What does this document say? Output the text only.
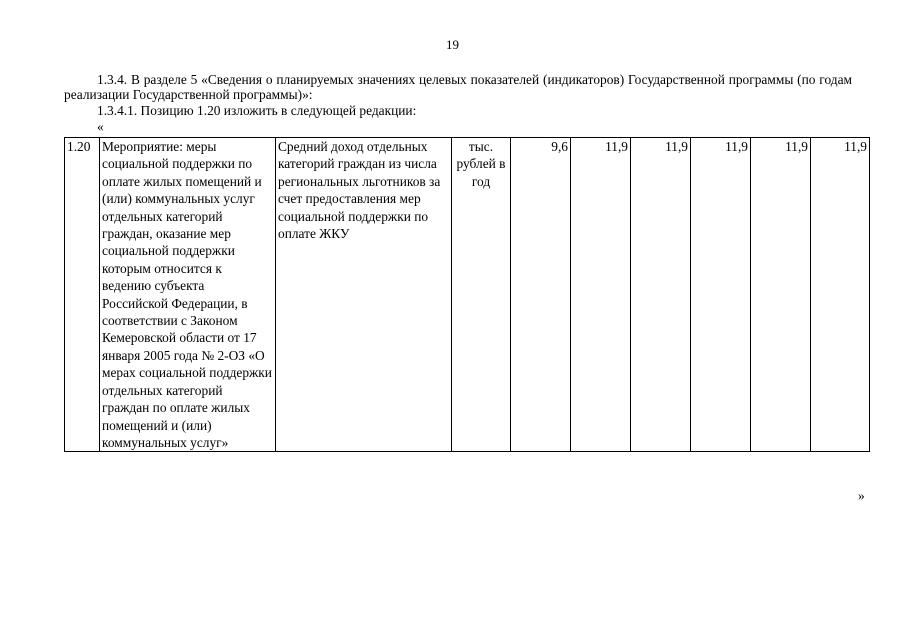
19
1.3.4. В разделе 5 «Сведения о планируемых значениях целевых показателей (индикаторов) Государственной программы (по годам реализации Государственной программы)»:
1.3.4.1. Позицию 1.20 изложить в следующей редакции:
«
1.20	Мероприятие: меры социальной поддержки по оплате жилых помещений и (или) коммунальных услуг отдельных категорий граждан, оказание мер социальной поддержки которым относится к ведению субъекта Российской Федерации, в соответствии с Законом Кемеровской области от 17 января 2005 года № 2-ОЗ «О мерах социальной поддержки отдельных категорий граждан по оплате жилых помещений и (или) коммунальных услуг»	Средний доход отдельных категорий граждан из числа региональных льготников за счет предоставления мер социальной поддержки по оплате ЖКУ	тыс. рублей в год	9,6	11,9	11,9	11,9	11,9	11,9
»
